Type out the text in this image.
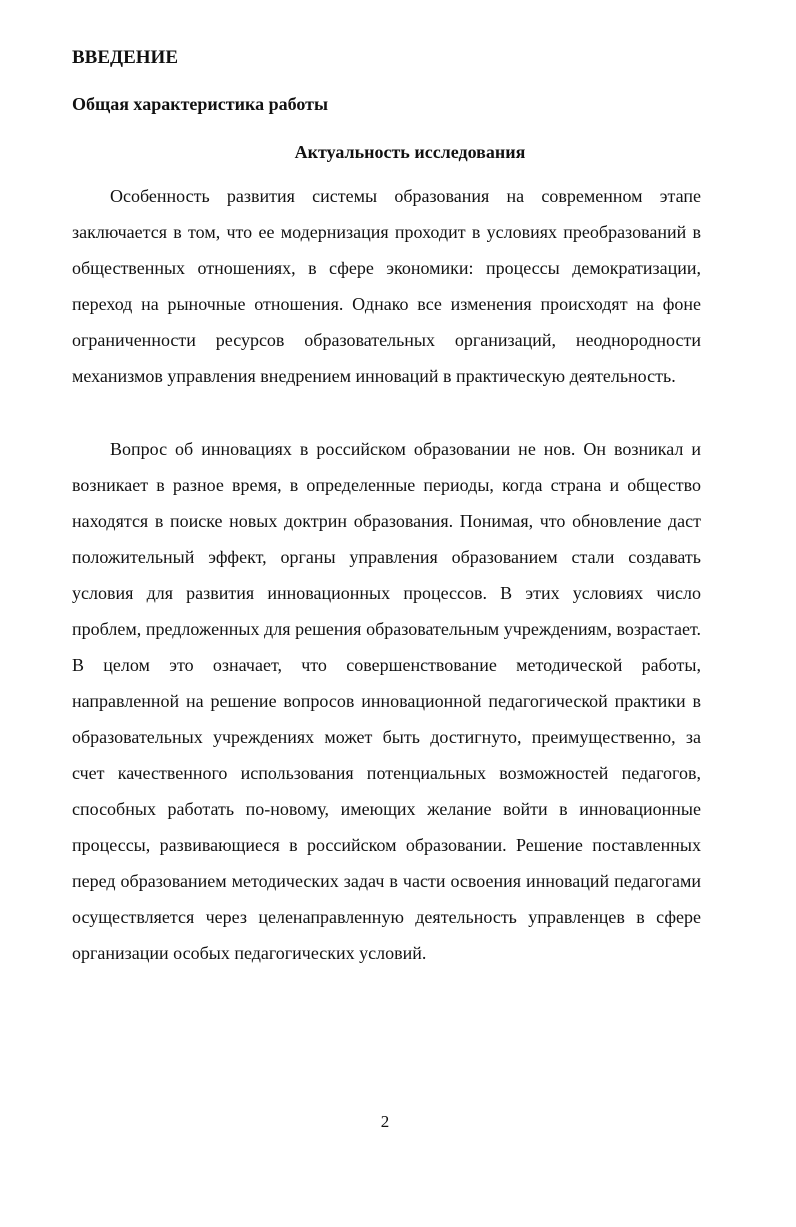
ВВЕДЕНИЕ
Общая характеристика работы
Актуальность исследования

Особенность развития системы образования на современном этапе заключается в том, что ее модернизация проходит в условиях преобразований в общественных отношениях, в сфере экономики: процессы демократизации, переход на рыночные отношения. Однако все изменения происходят на фоне ограниченности ресурсов образовательных организаций, неоднородности механизмов управления внедрением инноваций в практическую деятельность.

Вопрос об инновациях в российском образовании не нов. Он возникал и возникает в разное время, в определенные периоды, когда страна и общество находятся в поиске новых доктрин образования. Понимая, что обновление даст положительный эффект, органы управления образованием стали создавать условия для развития инновационных процессов. В этих условиях число проблем, предложенных для решения образовательным учреждениям, возрастает. В целом это означает, что совершенствование методической работы, направленной на решение вопросов инновационной педагогической практики в образовательных учреждениях может быть достигнуто, преимущественно, за счет качественного использования потенциальных возможностей педагогов, способных работать по-новому, имеющих желание войти в инновационные процессы, развивающиеся в российском образовании. Решение поставленных перед образованием методических задач в части освоения инноваций педагогами осуществляется через целенаправленную деятельность управленцев в сфере организации особых педагогических условий.

2
